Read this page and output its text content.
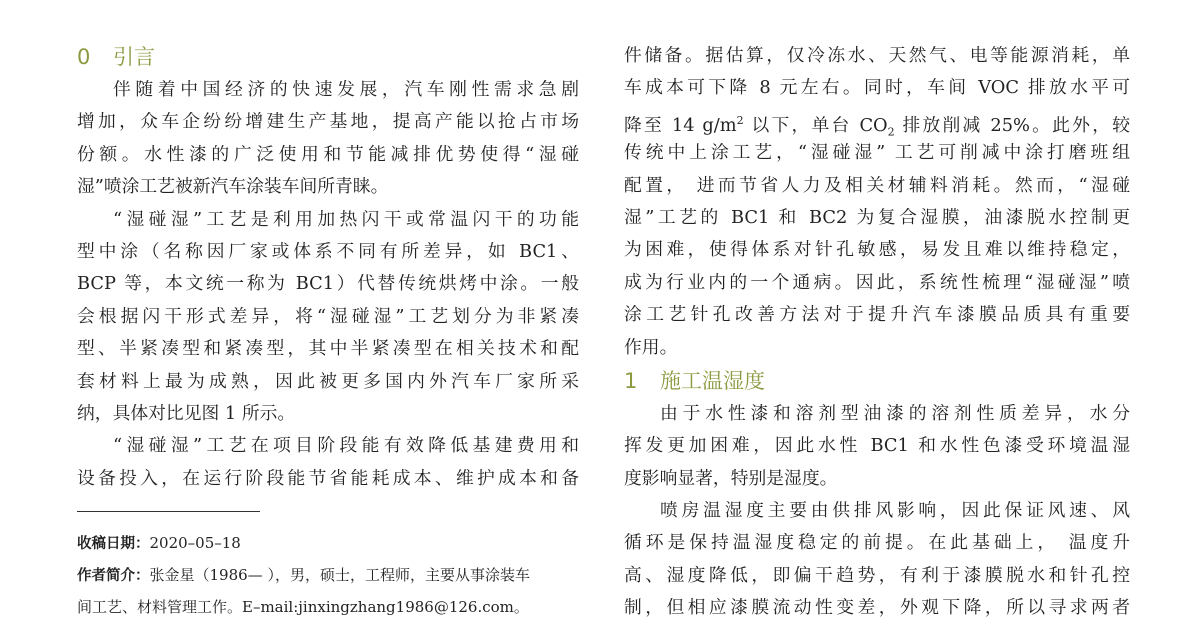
0 引言
伴随着中国经济的快速发展，汽车刚性需求急剧
增加，众车企纷纷增建生产基地，提高产能以抢占市场
份额。水性漆的广泛使用和节能减排优势使得“湿碰
湿”喷涂工艺被新汽车涂装车间所青睐。
“湿碰湿”工艺是利用加热闪干或常温闪干的功能
型中涂（名称因厂家或体系不同有所差异，如 BC1、
BCP 等，本文统一称为 BC1）代替传统烘烤中涂。一般
会根据闪干形式差异，将“湿碰湿”工艺划分为非紧凑
型、半紧凑型和紧凑型，其中半紧凑型在相关技术和配
套材料上最为成熟，因此被更多国内外汽车厂家所采
纳，具体对比见图 1 所示。
“湿碰湿”工艺在项目阶段能有效降低基建费用和
设备投入，在运行阶段能节省能耗成本、维护成本和备
收稿日期：2020–05–18
作者简介：张金星（1986— ），男，硕士，工程师，主要从事涂装车
间工艺、材料管理工作。E–mail:jinxingzhang1986@126.com。
件储备。据估算，仅冷冻水、天然气、电等能源消耗，单
车成本可下降 8 元左右。同时，车间 VOC 排放水平可
降至 14 $g/m^2$ 以下，单台 $CO_2$ 排放削减 25%。此外，较
传统中上涂工艺，“湿碰湿” 工艺可削减中涂打磨班组
配置， 进而节省人力及相关材辅料消耗。然而，“湿碰
湿”工艺的 BC1 和 BC2 为复合湿膜，油漆脱水控制更
为困难，使得体系对针孔敏感，易发且难以维持稳定，
成为行业内的一个通病。因此，系统性梳理“湿碰湿”喷
涂工艺针孔改善方法对于提升汽车漆膜品质具有重要
作用。
1 施工温湿度
由于水性漆和溶剂型油漆的溶剂性质差异，水分
挥发更加困难，因此水性 BC1 和水性色漆受环境温湿
度影响显著，特别是湿度。
喷房温湿度主要由供排风影响，因此保证风速、风
循环是保持温湿度稳定的前提。在此基础上， 温度升
高、湿度降低，即偏干趋势，有利于漆膜脱水和针孔控
制，但相应漆膜流动性变差，外观下降，所以寻求两者
